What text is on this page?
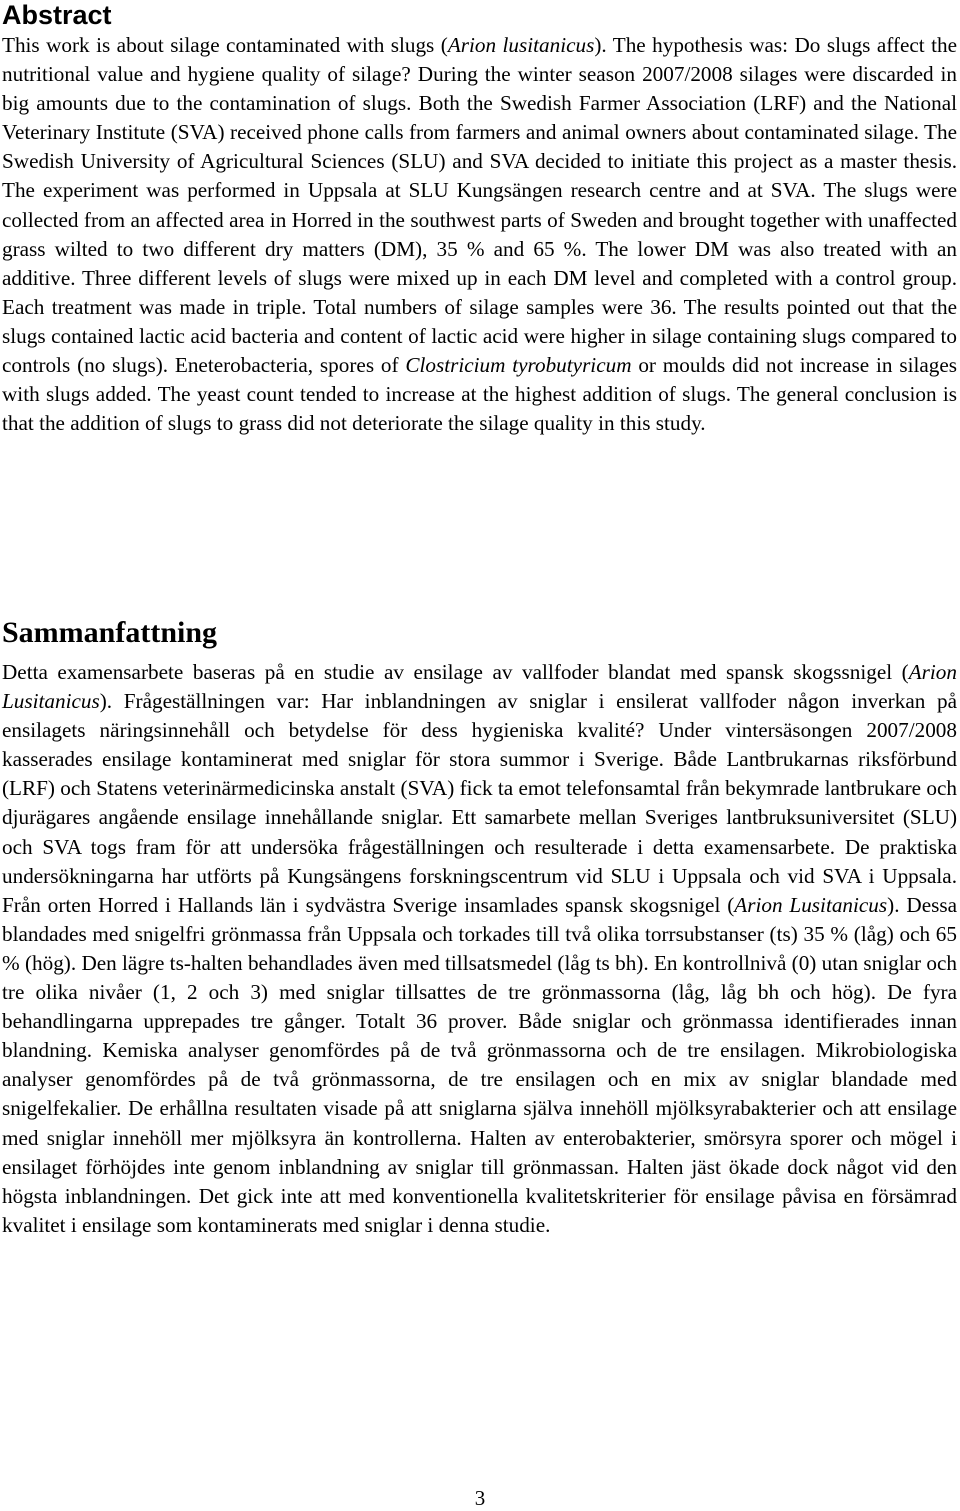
Abstract

This work is about silage contaminated with slugs (Arion lusitanicus). The hypothesis was: Do slugs affect the nutritional value and hygiene quality of silage? During the winter season 2007/2008 silages were discarded in big amounts due to the contamination of slugs. Both the Swedish Farmer Association (LRF) and the National Veterinary Institute (SVA) received phone calls from farmers and animal owners about contaminated silage. The Swedish University of Agricultural Sciences (SLU) and SVA decided to initiate this project as a master thesis. The experiment was performed in Uppsala at SLU Kungsängen research centre and at SVA. The slugs were collected from an affected area in Horred in the southwest parts of Sweden and brought together with unaffected grass wilted to two different dry matters (DM), 35 % and 65 %. The lower DM was also treated with an additive. Three different levels of slugs were mixed up in each DM level and completed with a control group. Each treatment was made in triple. Total numbers of silage samples were 36. The results pointed out that the slugs contained lactic acid bacteria and content of lactic acid were higher in silage containing slugs compared to controls (no slugs). Eneterobacteria, spores of Clostricium tyrobutyricum or moulds did not increase in silages with slugs added. The yeast count tended to increase at the highest addition of slugs. The general conclusion is that the addition of slugs to grass did not deteriorate the silage quality in this study.

Sammanfattning

Detta examensarbete baseras på en studie av ensilage av vallfoder blandat med spansk skogssnigel (Arion Lusitanicus). Frågeställningen var: Har inblandningen av sniglar i ensilerat vallfoder någon inverkan på ensilagets näringsinnehåll och betydelse för dess hygieniska kvalité? Under vintersäsongen 2007/2008 kasserades ensilage kontaminerat med sniglar för stora summor i Sverige. Både Lantbrukarnas riksförbund (LRF) och Statens veterinärmedicinska anstalt (SVA) fick ta emot telefonsamtal från bekymrade lantbrukare och djurägares angående ensilage innehållande sniglar. Ett samarbete mellan Sveriges lantbruksuniversitet (SLU) och SVA togs fram för att undersöka frågeställningen och resulterade i detta examensarbete. De praktiska undersökningarna har utförts på Kungsängens forskningscentrum vid SLU i Uppsala och vid SVA i Uppsala. Från orten Horred i Hallands län i sydvästra Sverige insamlades spansk skogsnigel (Arion Lusitanicus). Dessa blandades med snigelfri grönmassa från Uppsala och torkades till två olika torrsubstanser (ts) 35 % (låg) och 65 % (hög). Den lägre ts-halten behandlades även med tillsatsmedel (låg ts bh). En kontrollnivå (0) utan sniglar och tre olika nivåer (1, 2 och 3) med sniglar tillsattes de tre grönmassorna (låg, låg bh och hög). De fyra behandlingarna upprepades tre gånger. Totalt 36 prover. Både sniglar och grönmassa identifierades innan blandning. Kemiska analyser genomfördes på de två grönmassorna och de tre ensilagen. Mikrobiologiska analyser genomfördes på de två grönmassorna, de tre ensilagen och en mix av sniglar blandade med snigelfekalier. De erhållna resultaten visade på att sniglarna själva innehöll mjölksyrabakterier och att ensilage med sniglar innehöll mer mjölksyra än kontrollerna. Halten av enterobakterier, smörsyra sporer och mögel i ensilaget förhöjdes inte genom inblandning av sniglar till grönmassan. Halten jäst ökade dock något vid den högsta inblandningen. Det gick inte att med konventionella kvalitetskriterier för ensilage påvisa en försämrad kvalitet i ensilage som kontaminerats med sniglar i denna studie.

3
